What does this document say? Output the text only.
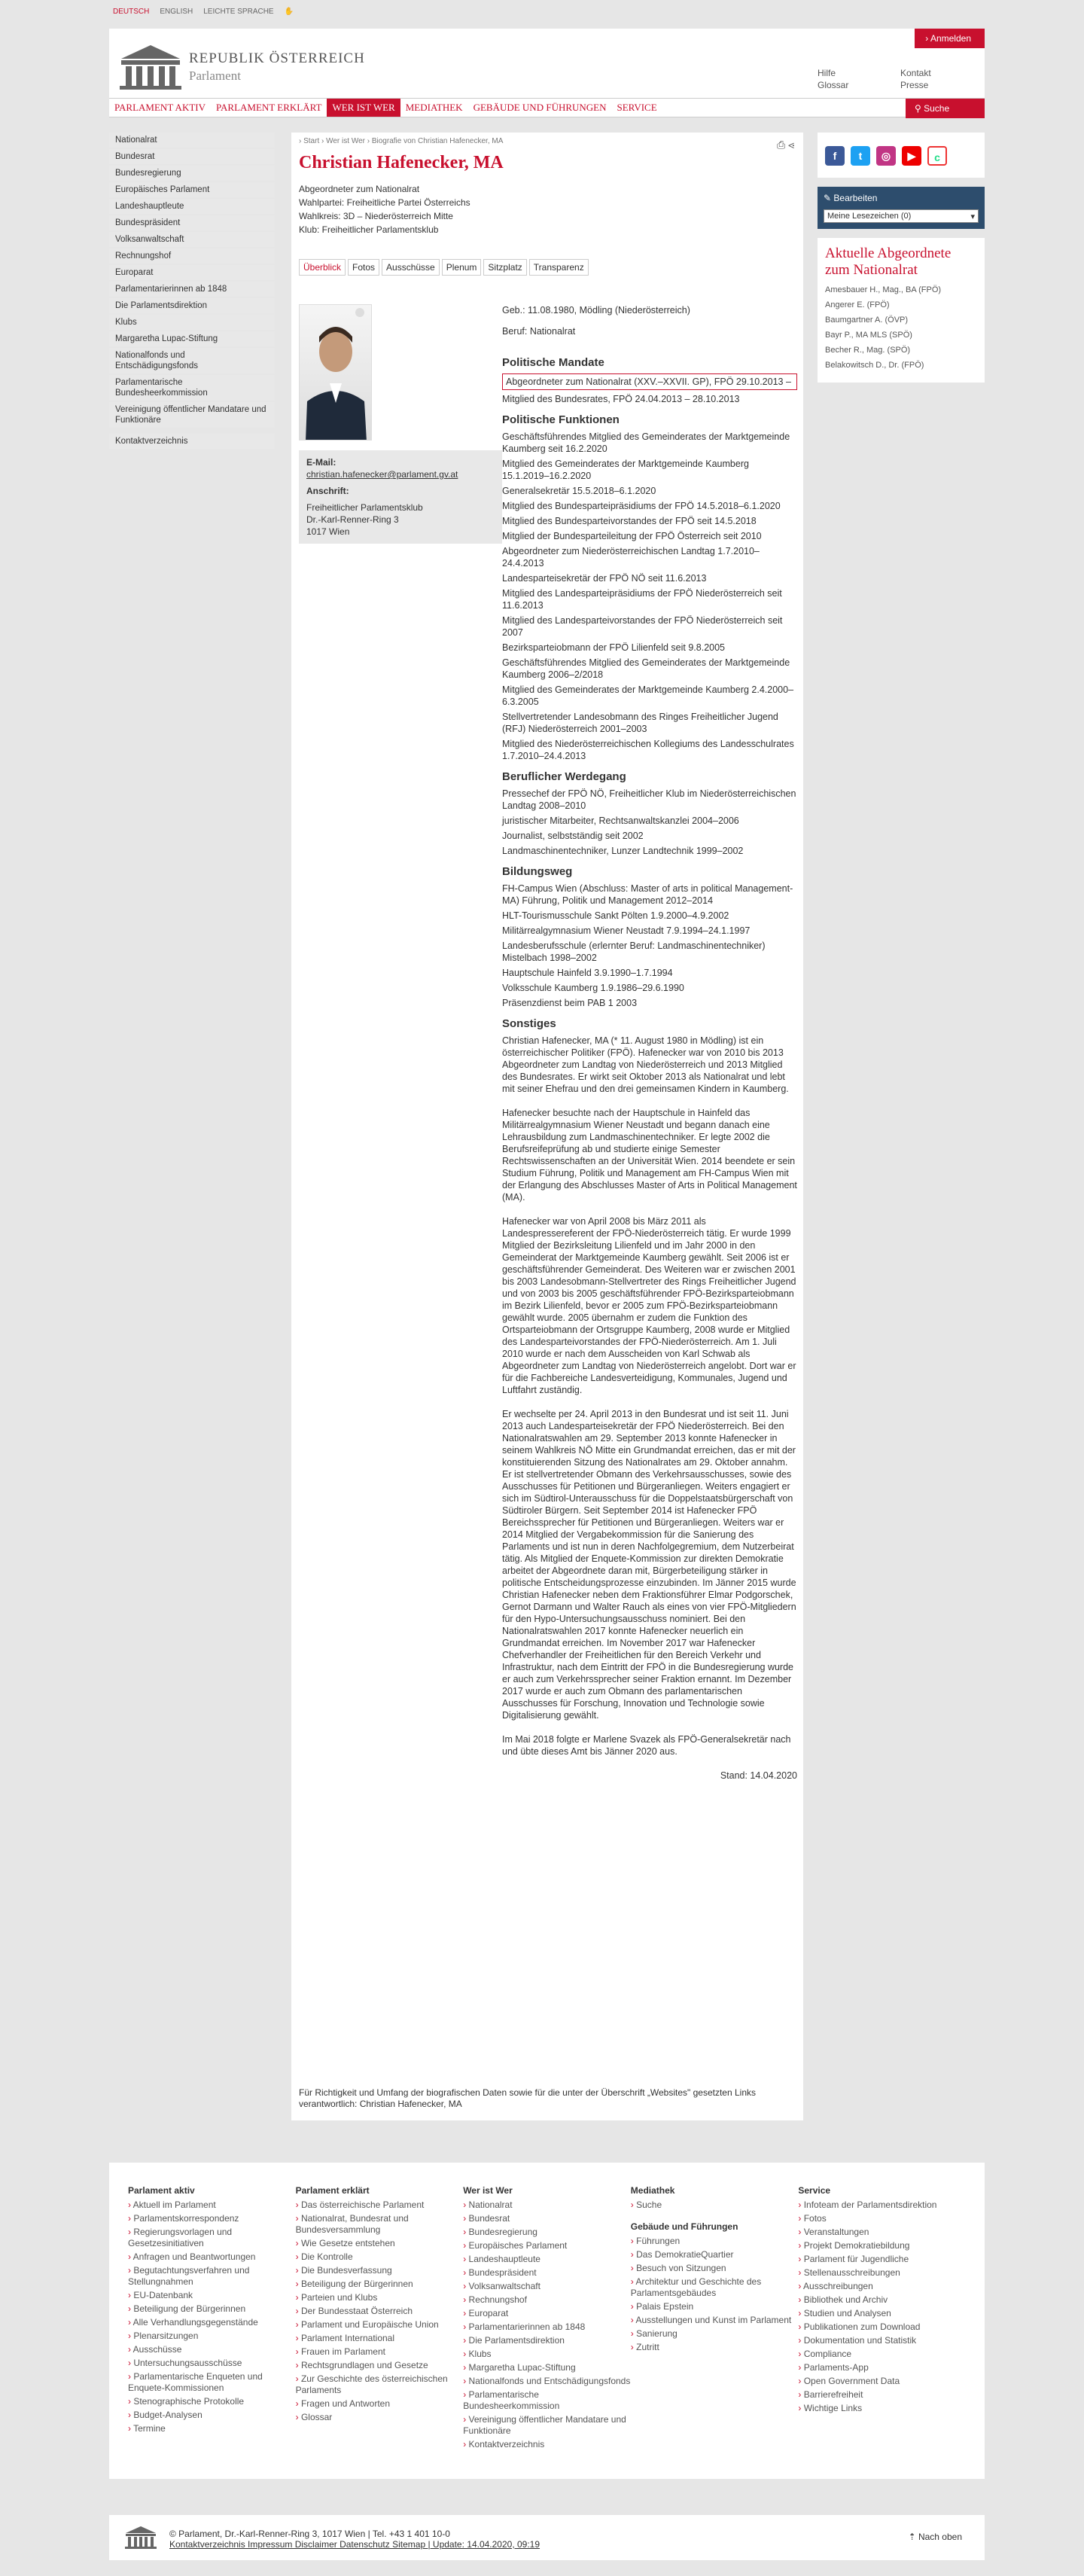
DEUTSCH ENGLISH LEICHTE SPRACHE ✋
REPUBLIK ÖSTERREICH
Parlament
› Anmelden
Hilfe	Kontakt
Glossar	Presse
PARLAMENT AKTIV	PARLAMENT ERKLÄRT	WER IST WER	MEDIATHEK	GEBÄUDE UND FÜHRUNGEN	SERVICE	⚲ Suche
Nationalrat
Bundesrat
Bundesregierung
Europäisches Parlament
Landeshauptleute
Bundespräsident
Volksanwaltschaft
Rechnungshof
Europarat
Parlamentarierinnen ab 1848
Die Parlamentsdirektion
Klubs
Margaretha Lupac-Stiftung
Nationalfonds und Entschädigungsfonds
Parlamentarische Bundesheerkommission
Vereinigung öffentlicher Mandatare und Funktionäre
Kontaktverzeichnis
› Start › Wer ist Wer › Biografie von Christian Hafenecker, MA	⎙ ⋖
Christian Hafenecker, MA
Abgeordneter zum Nationalrat
Wahlpartei: Freiheitliche Partei Österreichs
Wahlkreis: 3D – Niederösterreich Mitte
Klub: Freiheitlicher Parlamentsklub
Überblick	Fotos	Ausschüsse	Plenum	Sitzplatz	Transparenz
E-Mail:
christian.hafenecker@parlament.gv.at
Anschrift:
Freiheitlicher Parlamentsklub
Dr.-Karl-Renner-Ring 3
1017 Wien

Geb.: 11.08.1980, Mödling (Niederösterreich)

Beruf: Nationalrat

Politische Mandate

Abgeordneter zum Nationalrat (XXV.–XXVII. GP), FPÖ 29.10.2013 –

Mitglied des Bundesrates, FPÖ 24.04.2013 – 28.10.2013

Politische Funktionen

Geschäftsführendes Mitglied des Gemeinderates der Marktgemeinde Kaumberg seit 16.2.2020

Mitglied des Gemeinderates der Marktgemeinde Kaumberg 15.1.2019–16.2.2020

Generalsekretär 15.5.2018–6.1.2020

Mitglied des Bundesparteipräsidiums der FPÖ 14.5.2018–6.1.2020

Mitglied des Bundesparteivorstandes der FPÖ seit 14.5.2018

Mitglied der Bundesparteileitung der FPÖ Österreich seit 2010

Abgeordneter zum Niederösterreichischen Landtag 1.7.2010–24.4.2013

Landesparteisekretär der FPÖ NÖ seit 11.6.2013

Mitglied des Landesparteipräsidiums der FPÖ Niederösterreich seit 11.6.2013

Mitglied des Landesparteivorstandes der FPÖ Niederösterreich seit 2007

Bezirksparteiobmann der FPÖ Lilienfeld seit 9.8.2005

Geschäftsführendes Mitglied des Gemeinderates der Marktgemeinde Kaumberg 2006–2/2018

Mitglied des Gemeinderates der Marktgemeinde Kaumberg 2.4.2000–6.3.2005

Stellvertretender Landesobmann des Ringes Freiheitlicher Jugend (RFJ) Niederösterreich 2001–2003

Mitglied des Niederösterreichischen Kollegiums des Landesschulrates 1.7.2010–24.4.2013

Beruflicher Werdegang

Pressechef der FPÖ NÖ, Freiheitlicher Klub im Niederösterreichischen Landtag 2008–2010

juristischer Mitarbeiter, Rechtsanwaltskanzlei 2004–2006

Journalist, selbstständig seit 2002

Landmaschinentechniker, Lunzer Landtechnik 1999–2002

Bildungsweg

FH-Campus Wien (Abschluss: Master of arts in political Management-MA) Führung, Politik und Management 2012–2014

HLT-Tourismusschule Sankt Pölten 1.9.2000–4.9.2002

Militärrealgymnasium Wiener Neustadt 7.9.1994–24.1.1997

Landesberufsschule (erlernter Beruf: Landmaschinentechniker) Mistelbach 1998–2002

Hauptschule Hainfeld 3.9.1990–1.7.1994

Volksschule Kaumberg 1.9.1986–29.6.1990

Präsenzdienst beim PAB 1 2003

Sonstiges

Christian Hafenecker, MA (* 11. August 1980 in Mödling) ist ein österreichischer Politiker (FPÖ). Hafenecker war von 2010 bis 2013 Abgeordneter zum Landtag von Niederösterreich und 2013 Mitglied des Bundesrates. Er wirkt seit Oktober 2013 als Nationalrat und lebt mit seiner Ehefrau und den drei gemeinsamen Kindern in Kaumberg.

Hafenecker besuchte nach der Hauptschule in Hainfeld das Militärrealgymnasium Wiener Neustadt und begann danach eine Lehrausbildung zum Landmaschinentechniker. Er legte 2002 die Berufsreifeprüfung ab und studierte einige Semester Rechtswissenschaften an der Universität Wien. 2014 beendete er sein Studium Führung, Politik und Management am FH-Campus Wien mit der Erlangung des Abschlusses Master of Arts in Political Management (MA).

Hafenecker war von April 2008 bis März 2011 als Landespressereferent der FPÖ-Niederösterreich tätig. Er wurde 1999 Mitglied der Bezirksleitung Lilienfeld und im Jahr 2000 in den Gemeinderat der Marktgemeinde Kaumberg gewählt. Seit 2006 ist er geschäftsführender Gemeinderat. Des Weiteren war er zwischen 2001 bis 2003 Landesobmann-Stellvertreter des Rings Freiheitlicher Jugend und von 2003 bis 2005 geschäftsführender FPÖ-Bezirksparteiobmann im Bezirk Lilienfeld, bevor er 2005 zum FPÖ-Bezirksparteiobmann gewählt wurde. 2005 übernahm er zudem die Funktion des Ortsparteiobmann der Ortsgruppe Kaumberg, 2008 wurde er Mitglied des Landesparteivorstandes der FPÖ-Niederösterreich. Am 1. Juli 2010 wurde er nach dem Ausscheiden von Karl Schwab als Abgeordneter zum Landtag von Niederösterreich angelobt. Dort war er für die Fachbereiche Landesverteidigung, Kommunales, Jugend und Luftfahrt zuständig.

Er wechselte per 24. April 2013 in den Bundesrat und ist seit 11. Juni 2013 auch Landesparteisekretär der FPÖ Niederösterreich. Bei den Nationalratswahlen am 29. September 2013 konnte Hafenecker in seinem Wahlkreis NÖ Mitte ein Grundmandat erreichen, das er mit der konstituierenden Sitzung des Nationalrates am 29. Oktober annahm. Er ist stellvertretender Obmann des Verkehrsausschusses, sowie des Ausschusses für Petitionen und Bürgeranliegen. Weiters engagiert er sich im Südtirol-Unterausschuss für die Doppelstaatsbürgerschaft von Südtiroler Bürgern. Seit September 2014 ist Hafenecker FPÖ Bereichssprecher für Petitionen und Bürgeranliegen. Weiters war er 2014 Mitglied der Vergabekommission für die Sanierung des Parlaments und ist nun in deren Nachfolgegremium, dem Nutzerbeirat tätig. Als Mitglied der Enquete-Kommission zur direkten Demokratie arbeitet der Abgeordnete daran mit, Bürgerbeteiligung stärker in politische Entscheidungsprozesse einzubinden. Im Jänner 2015 wurde Christian Hafenecker neben dem Fraktionsführer Elmar Podgorschek, Gernot Darmann und Walter Rauch als eines von vier FPÖ-Mitgliedern für den Hypo-Untersuchungsausschuss nominiert. Bei den Nationalratswahlen 2017 konnte Hafenecker neuerlich ein Grundmandat erreichen. Im November 2017 war Hafenecker Chefverhandler der Freiheitlichen für den Bereich Verkehr und Infrastruktur, nach dem Eintritt der FPÖ in die Bundesregierung wurde er auch zum Verkehrssprecher seiner Fraktion ernannt. Im Dezember 2017 wurde er auch zum Obmann des parlamentarischen Ausschusses für Forschung, Innovation und Technologie sowie Digitalisierung gewählt.

Im Mai 2018 folgte er Marlene Svazek als FPÖ-Generalsekretär nach und übte dieses Amt bis Jänner 2020 aus.

Stand: 14.04.2020

Für Richtigkeit und Umfang der biografischen Daten sowie für die unter der Überschrift „Websites" gesetzten Links verantwortlich: Christian Hafenecker, MA

f	t	◎	▶	c
✎ Bearbeiten
Meine Lesezeichen (0)	▾
Aktuelle Abgeordnete zum Nationalrat
Amesbauer H., Mag., BA (FPÖ)
Angerer E. (FPÖ)
Baumgartner A. (ÖVP)
Bayr P., MA MLS (SPÖ)
Becher R., Mag. (SPÖ)
Belakowitsch D., Dr. (FPÖ)
Parlament aktiv
› Aktuell im Parlament
› Parlamentskorrespondenz
› Regierungsvorlagen und Gesetzesinitiativen
› Anfragen und Beantwortungen
› Begutachtungsverfahren und Stellungnahmen
› EU-Datenbank
› Beteiligung der Bürgerinnen
› Alle Verhandlungsgegenstände
› Plenarsitzungen
› Ausschüsse
› Untersuchungsausschüsse
› Parlamentarische Enqueten und Enquete-Kommissionen
› Stenographische Protokolle
› Budget-Analysen
› Termine
Parlament erklärt
› Das österreichische Parlament
› Nationalrat, Bundesrat und Bundesversammlung
› Wie Gesetze entstehen
› Die Kontrolle
› Die Bundesverfassung
› Beteiligung der Bürgerinnen
› Parteien und Klubs
› Der Bundesstaat Österreich
› Parlament und Europäische Union
› Parlament International
› Frauen im Parlament
› Rechtsgrundlagen und Gesetze
› Zur Geschichte des österreichischen Parlaments
› Fragen und Antworten
› Glossar
Wer ist Wer
› Nationalrat
› Bundesrat
› Bundesregierung
› Europäisches Parlament
› Landeshauptleute
› Bundespräsident
› Volksanwaltschaft
› Rechnungshof
› Europarat
› Parlamentarierinnen ab 1848
› Die Parlamentsdirektion
› Klubs
› Margaretha Lupac-Stiftung
› Nationalfonds und Entschädigungsfonds
› Parlamentarische Bundesheerkommission
› Vereinigung öffentlicher Mandatare und Funktionäre
› Kontaktverzeichnis
Mediathek
› Suche
Gebäude und Führungen
› Führungen
› Das DemokratieQuartier
› Besuch von Sitzungen
› Architektur und Geschichte des Parlamentsgebäudes
› Palais Epstein
› Ausstellungen und Kunst im Parlament
› Sanierung
› Zutritt
Service
› Infoteam der Parlamentsdirektion
› Fotos
› Veranstaltungen
› Projekt Demokratiebildung
› Parlament für Jugendliche
› Stellenausschreibungen
› Ausschreibungen
› Bibliothek und Archiv
› Studien und Analysen
› Publikationen zum Download
› Dokumentation und Statistik
› Compliance
› Parlaments-App
› Open Government Data
› Barrierefreiheit
› Wichtige Links
© Parlament, Dr.-Karl-Renner-Ring 3, 1017 Wien | Tel. +43 1 401 10-0
Kontaktverzeichnis Impressum Disclaimer Datenschutz Sitemap | Update: 14.04.2020, 09:19
⇡ Nach oben
